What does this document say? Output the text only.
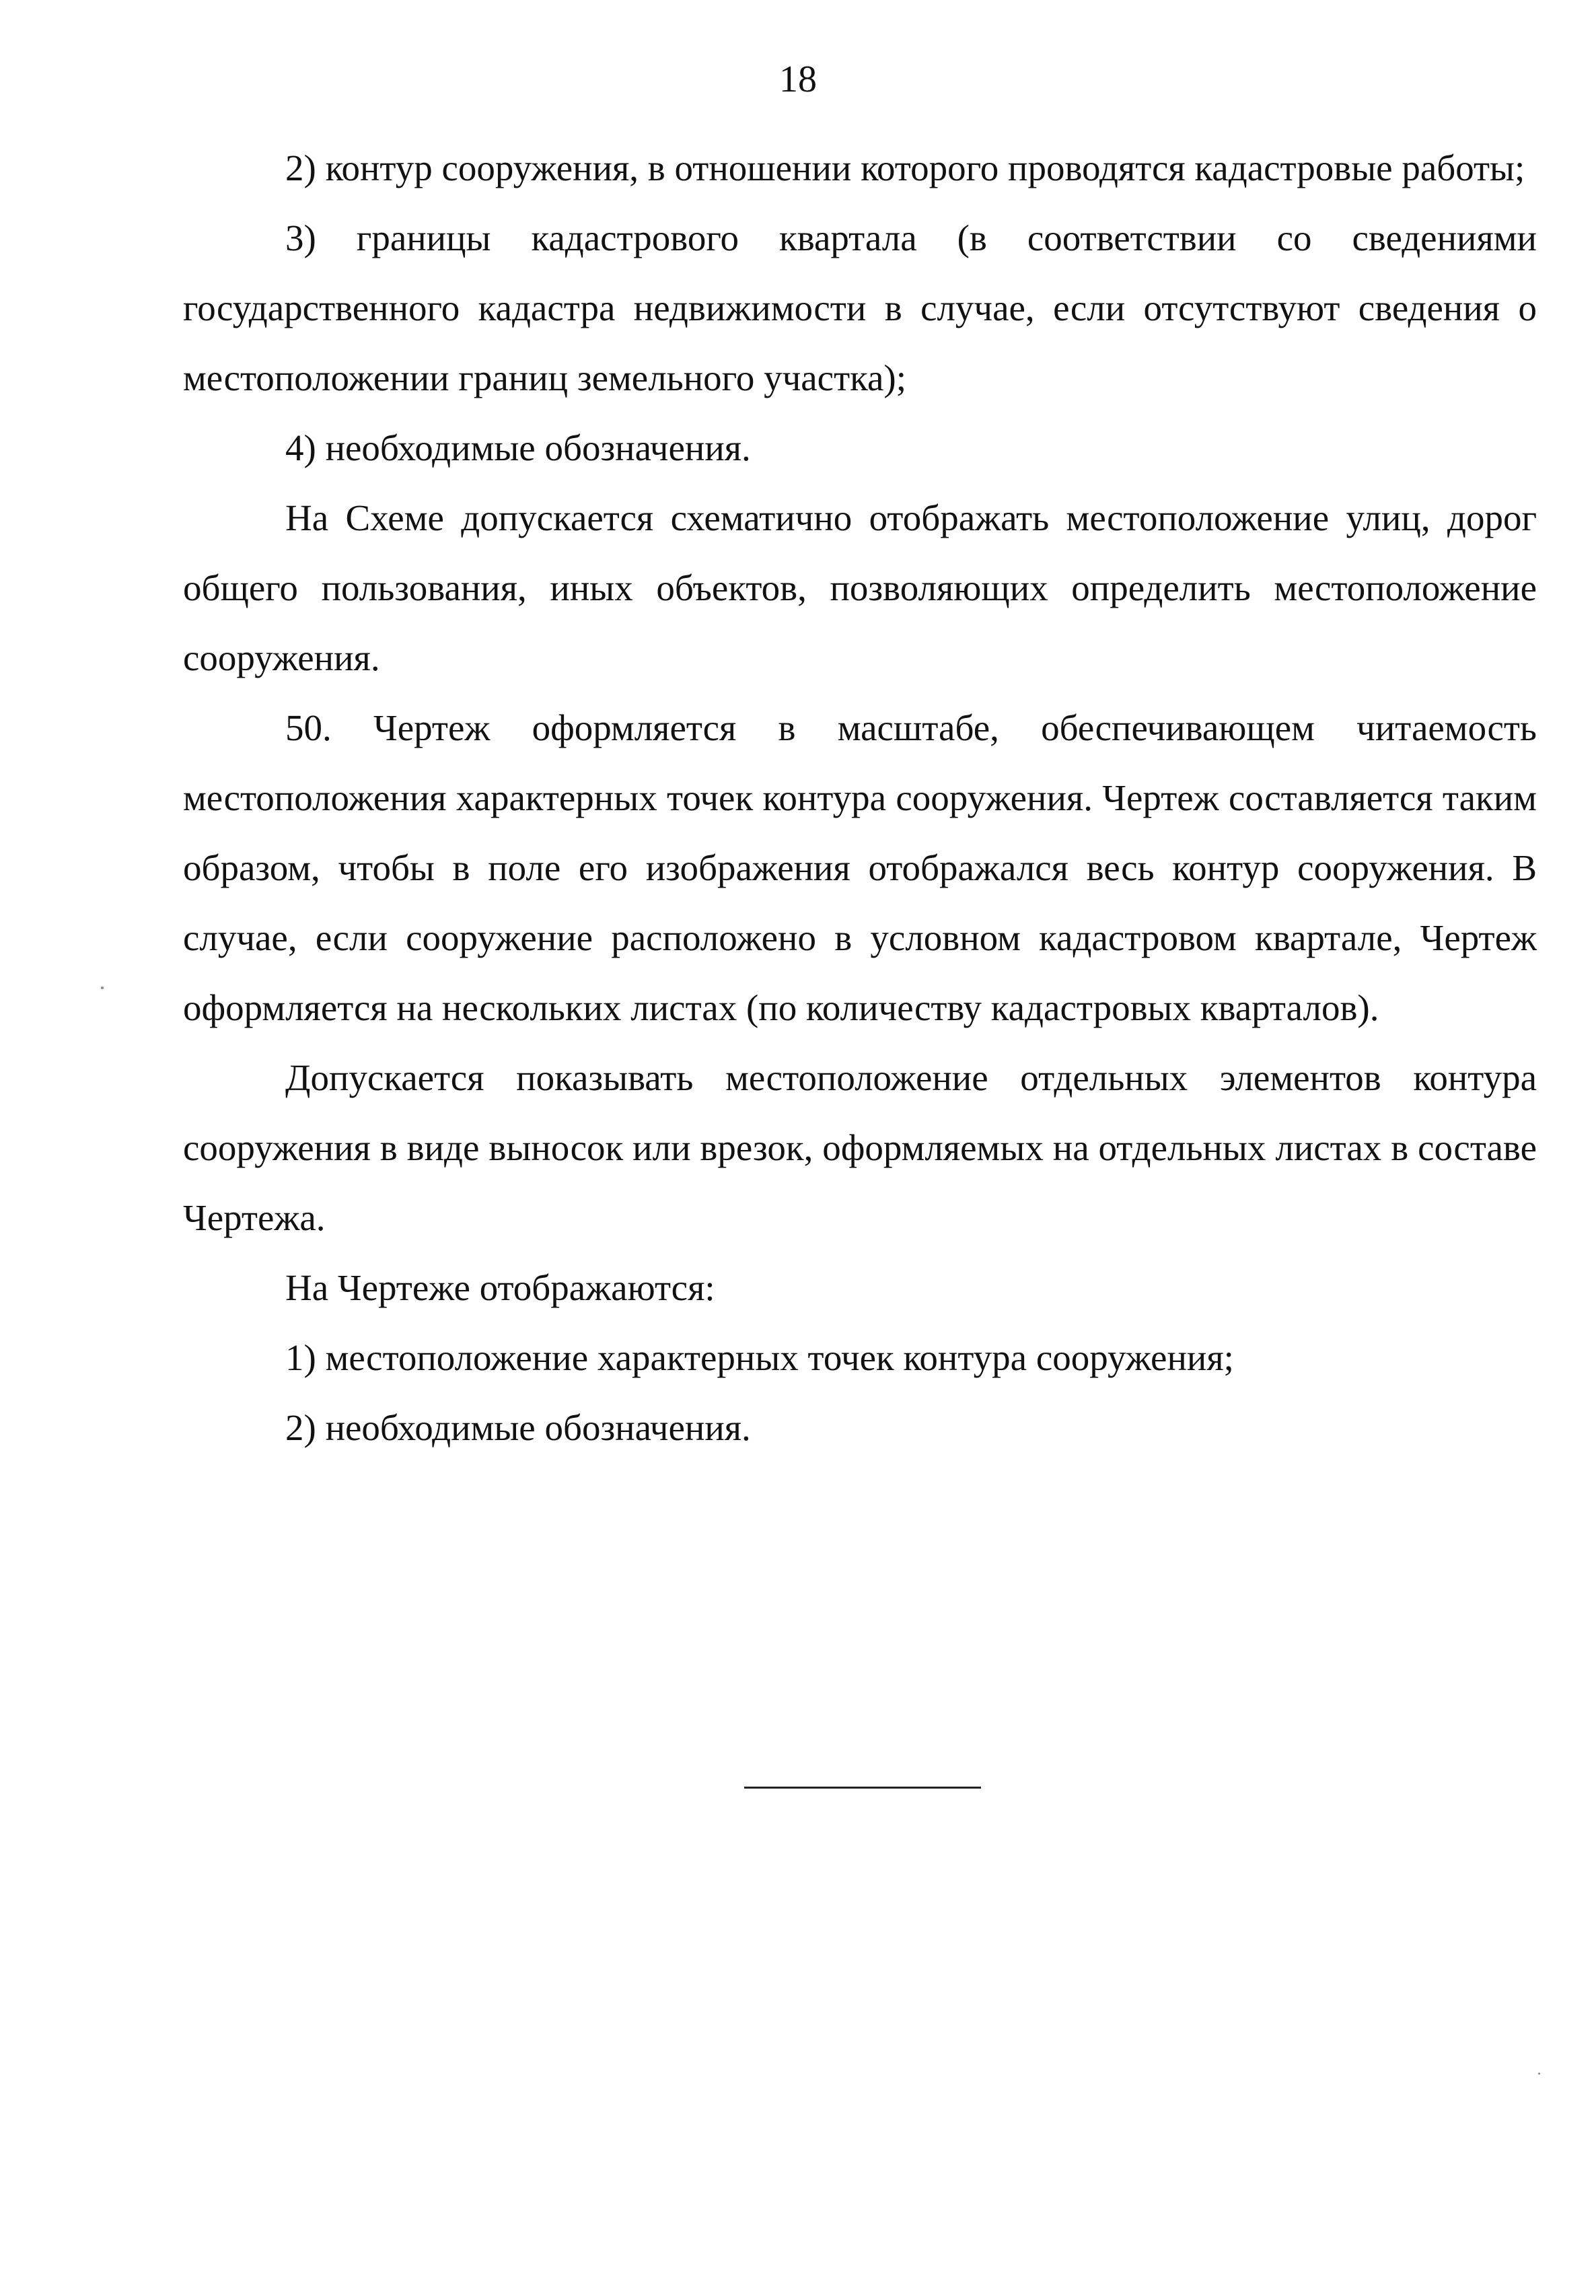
18

2) контур сооружения, в отношении которого проводятся кадастровые работы;

3) границы кадастрового квартала (в соответствии со сведениями государственного кадастра недвижимости в случае, если отсутствуют сведения о местоположении границ земельного участка);

4) необходимые обозначения.

На Схеме допускается схематично отображать местоположение улиц, дорог общего пользования, иных объектов, позволяющих определить местоположение сооружения.

50. Чертеж оформляется в масштабе, обеспечивающем читаемость местоположения характерных точек контура сооружения. Чертеж составляется таким образом, чтобы в поле его изображения отображался весь контур сооружения. В случае, если сооружение расположено в условном кадастровом квартале, Чертеж оформляется на нескольких листах (по количеству кадастровых кварталов).

Допускается показывать местоположение отдельных элементов контура сооружения в виде выносок или врезок, оформляемых на отдельных листах в составе Чертежа.

На Чертеже отображаются:

1) местоположение характерных точек контура сооружения;

2) необходимые обозначения.
